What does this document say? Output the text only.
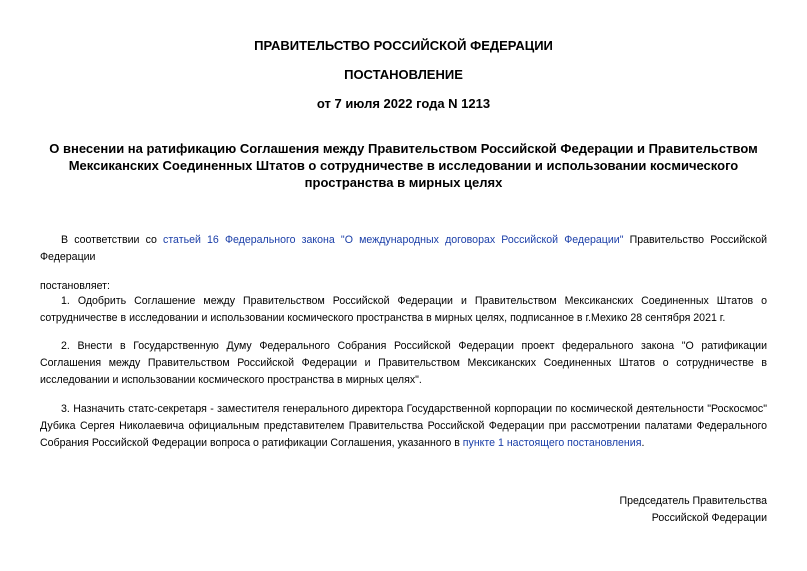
ПРАВИТЕЛЬСТВО РОССИЙСКОЙ ФЕДЕРАЦИИ

ПОСТАНОВЛЕНИЕ

от 7 июля 2022 года N 1213

О внесении на ратификацию Соглашения между Правительством Российской Федерации и Правительством Мексиканских Соединенных Штатов о сотрудничестве в исследовании и использовании космического пространства в мирных целях

В соответствии со статьей 16 Федерального закона "О международных договорах Российской Федерации" Правительство Российской Федерации

постановляет:

1. Одобрить Соглашение между Правительством Российской Федерации и Правительством Мексиканских Соединенных Штатов о сотрудничестве в исследовании и использовании космического пространства в мирных целях, подписанное в г.Мехико 28 сентября 2021 г.

2. Внести в Государственную Думу Федерального Собрания Российской Федерации проект федерального закона "О ратификации Соглашения между Правительством Российской Федерации и Правительством Мексиканских Соединенных Штатов о сотрудничестве в исследовании и использовании космического пространства в мирных целях".

3. Назначить статс-секретаря - заместителя генерального директора Государственной корпорации по космической деятельности "Роскосмос" Дубика Сергея Николаевича официальным представителем Правительства Российской Федерации при рассмотрении палатами Федерального Собрания Российской Федерации вопроса о ратификации Соглашения, указанного в пункте 1 настоящего постановления.

Председатель Правительства
Российской Федерации
